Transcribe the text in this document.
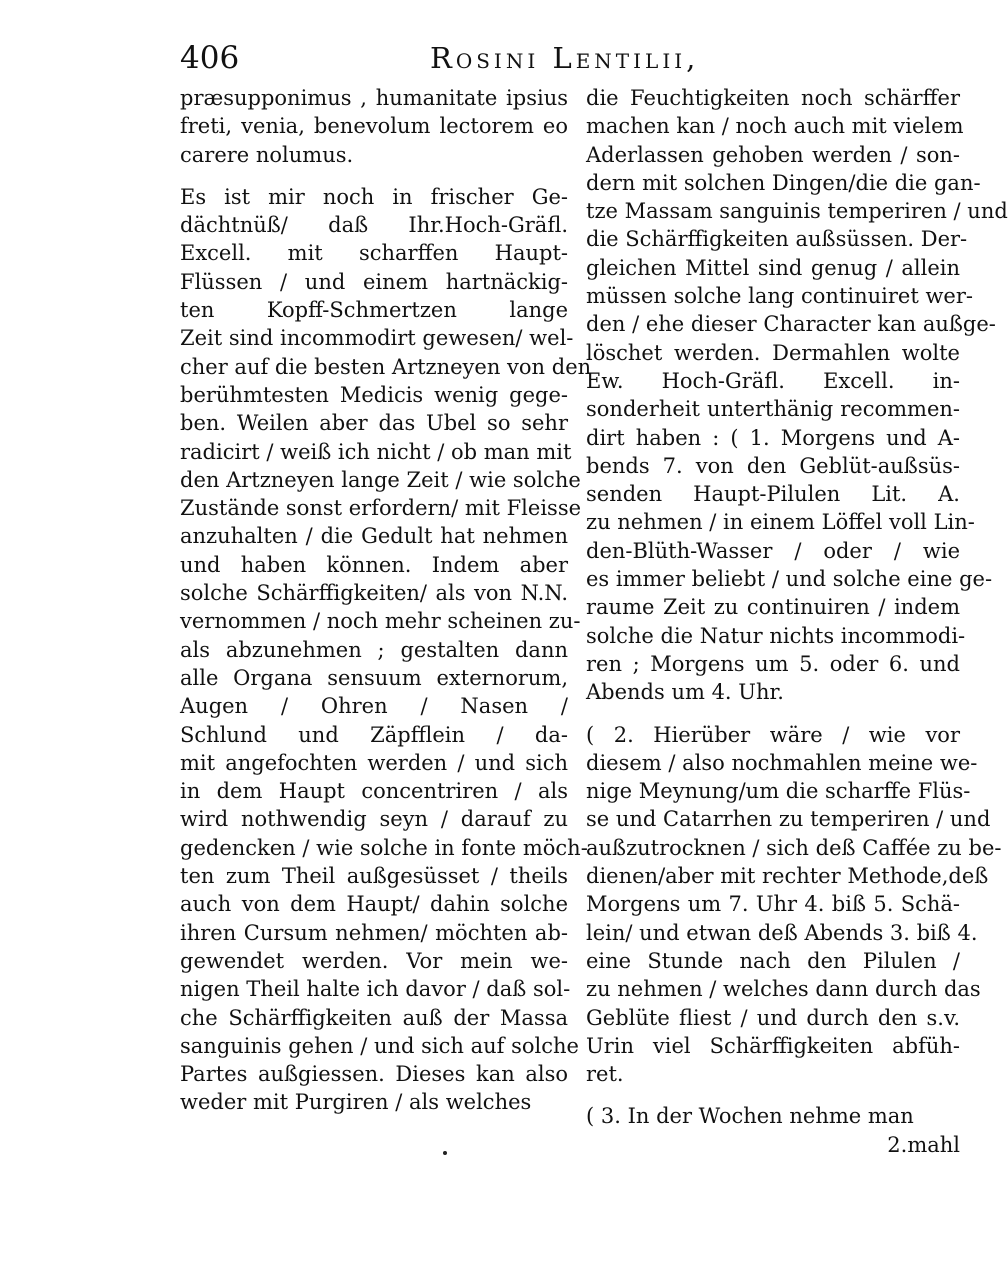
406	Rosini Lentilii,
præsupponimus , humanitate ipsius
freti, venia, benevolum lectorem eo
carere nolumus.
Es ist mir noch in frischer Ge-
dächtnüß/ daß Ihr.Hoch-Gräfl.
Excell. mit scharffen Haupt-
Flüssen / und einem hartnäckig-
ten Kopff-Schmertzen lange
Zeit sind incommodirt gewesen/ wel-
cher auf die besten Artzneyen von den
berühmtesten Medicis wenig gege-
ben. Weilen aber das Ubel so sehr
radicirt / weiß ich nicht / ob man mit
den Artzneyen lange Zeit / wie solche
Zustände sonst erfordern/ mit Fleisse
anzuhalten / die Gedult hat nehmen
und haben können. Indem aber
solche Schärffigkeiten/ als von N.N.
vernommen / noch mehr scheinen zu-
als abzunehmen ; gestalten dann
alle Organa sensuum externorum,
Augen / Ohren / Nasen /
Schlund und Zäpfflein / da-
mit angefochten werden / und sich
in dem Haupt concentriren / als
wird nothwendig seyn / darauf zu
gedencken / wie solche in fonte möch-
ten zum Theil außgesüsset / theils
auch von dem Haupt/ dahin solche
ihren Cursum nehmen/ möchten ab-
gewendet werden. Vor mein we-
nigen Theil halte ich davor / daß sol-
che Schärffigkeiten auß der Massa
sanguinis gehen / und sich auf solche
Partes außgiessen. Dieses kan also
weder mit Purgiren / als welches
die Feuchtigkeiten noch schärffer
machen kan / noch auch mit vielem
Aderlassen gehoben werden / son-
dern mit solchen Dingen/die die gan-
tze Massam sanguinis temperiren / und
die Schärffigkeiten außsüssen. Der-
gleichen Mittel sind genug / allein
müssen solche lang continuiret wer-
den / ehe dieser Character kan außge-
löschet werden. Dermahlen wolte
Ew. Hoch-Gräfl. Excell. in-
sonderheit unterthänig recommen-
dirt haben : ( 1. Morgens und A-
bends 7. von den Geblüt-außsüs-
senden Haupt-Pilulen Lit. A.
zu nehmen / in einem Löffel voll Lin-
den-Blüth-Wasser / oder / wie
es immer beliebt / und solche eine ge-
raume Zeit zu continuiren / indem
solche die Natur nichts incommodi-
ren ; Morgens um 5. oder 6. und
Abends um 4. Uhr.
( 2. Hierüber wäre / wie vor
diesem / also nochmahlen meine we-
nige Meynung/um die scharffe Flüs-
se und Catarrhen zu temperiren / und
außzutrocknen / sich deß Caffée zu be-
dienen/aber mit rechter Methode,deß
Morgens um 7. Uhr 4. biß 5. Schä-
lein/ und etwan deß Abends 3. biß 4.
eine Stunde nach den Pilulen /
zu nehmen / welches dann durch das
Geblüte fliest / und durch den s.v.
Urin viel Schärffigkeiten abfüh-
ret.
( 3. In der Wochen nehme man
2.mahl
